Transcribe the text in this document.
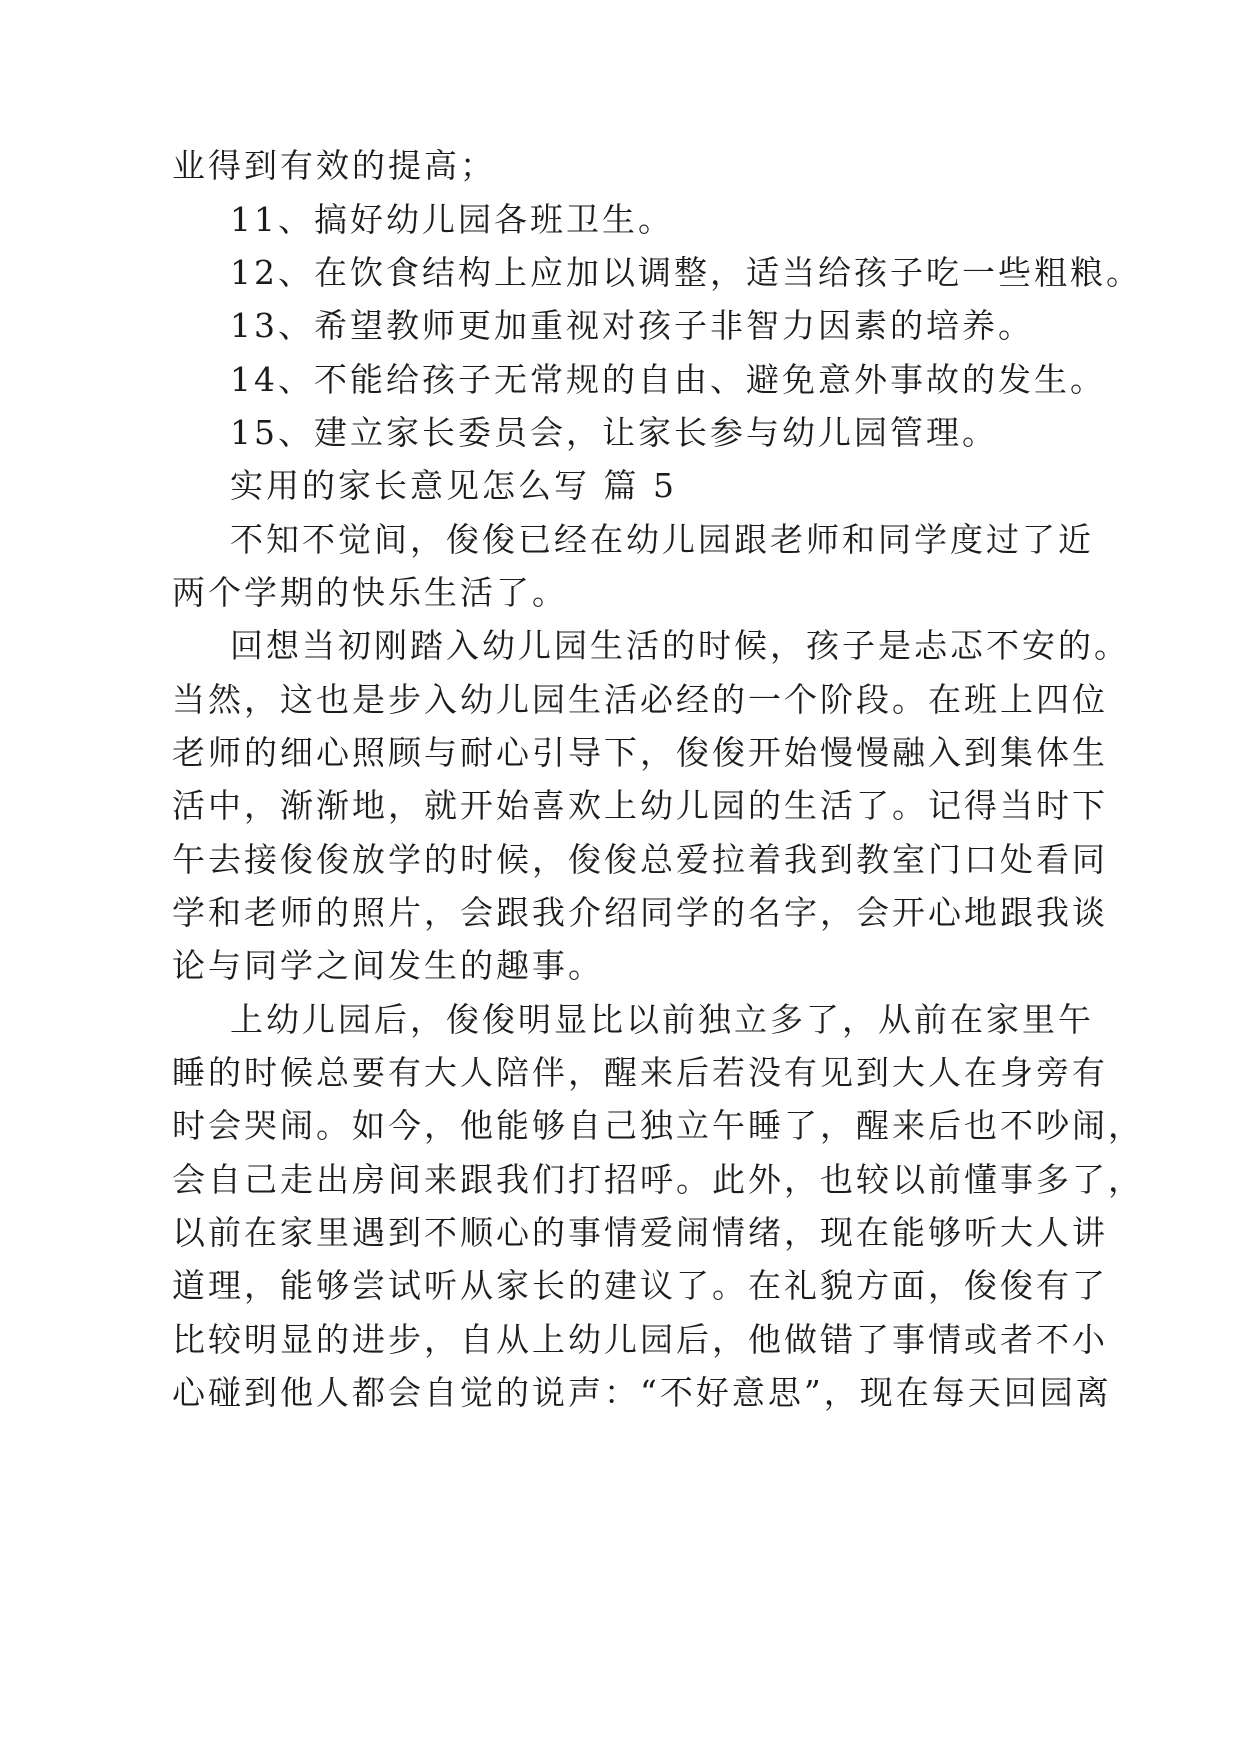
业得到有效的提高；

11、搞好幼儿园各班卫生。

12、在饮食结构上应加以调整，适当给孩子吃一些粗粮。

13、希望教师更加重视对孩子非智力因素的培养。

14、不能给孩子无常规的自由、避免意外事故的发生。

15、建立家长委员会，让家长参与幼儿园管理。

实用的家长意见怎么写 篇 5

不知不觉间，俊俊已经在幼儿园跟老师和同学度过了近

两个学期的快乐生活了。

回想当初刚踏入幼儿园生活的时候，孩子是忐忑不安的。

当然，这也是步入幼儿园生活必经的一个阶段。在班上四位

老师的细心照顾与耐心引导下，俊俊开始慢慢融入到集体生

活中，渐渐地，就开始喜欢上幼儿园的生活了。记得当时下

午去接俊俊放学的时候，俊俊总爱拉着我到教室门口处看同

学和老师的照片，会跟我介绍同学的名字，会开心地跟我谈

论与同学之间发生的趣事。

上幼儿园后，俊俊明显比以前独立多了，从前在家里午

睡的时候总要有大人陪伴，醒来后若没有见到大人在身旁有

时会哭闹。如今，他能够自己独立午睡了，醒来后也不吵闹，

会自己走出房间来跟我们打招呼。此外，也较以前懂事多了，

以前在家里遇到不顺心的事情爱闹情绪，现在能够听大人讲

道理，能够尝试听从家长的建议了。在礼貌方面，俊俊有了

比较明显的进步，自从上幼儿园后，他做错了事情或者不小

心碰到他人都会自觉的说声：“不好意思”，现在每天回园离
